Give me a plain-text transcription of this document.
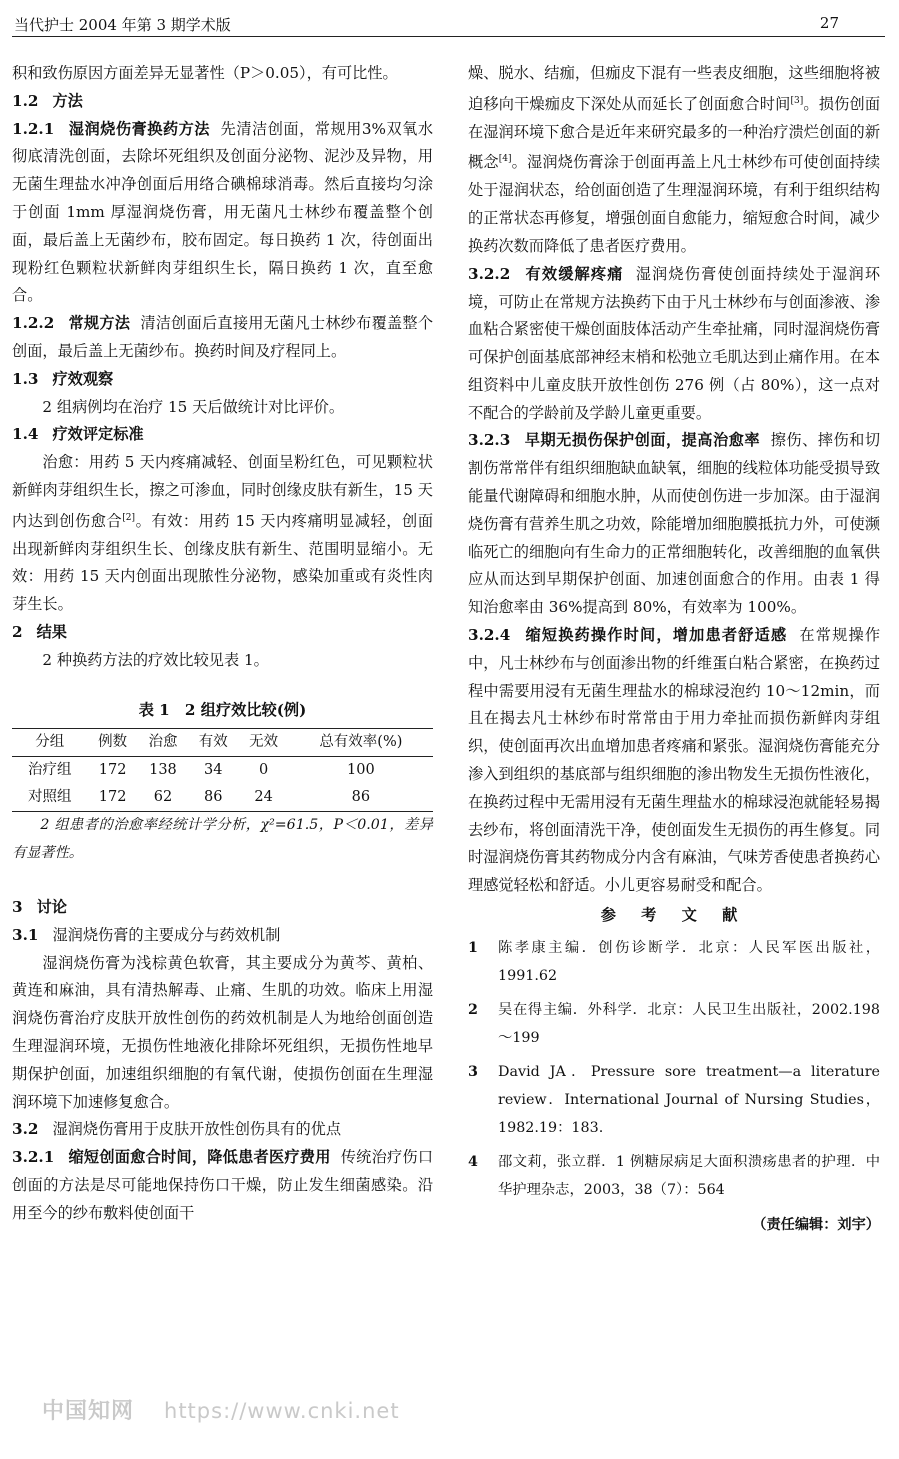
当代护士 2004 年第 3 期学术版	27

积和致伤原因方面差异无显著性（P＞0.05），有可比性。

1.2 方法

1.2.1 湿润烧伤膏换药方法 先清洁创面，常规用3%双氧水彻底清洗创面，去除坏死组织及创面分泌物、泥沙及异物，用无菌生理盐水冲净创面后用络合碘棉球消毒。然后直接均匀涂于创面 1mm 厚湿润烧伤膏，用无菌凡士林纱布覆盖整个创面，最后盖上无菌纱布，胶布固定。每日换药 1 次，待创面出现粉红色颗粒状新鲜肉芽组织生长，隔日换药 1 次，直至愈合。

1.2.2 常规方法 清洁创面后直接用无菌凡士林纱布覆盖整个创面，最后盖上无菌纱布。换药时间及疗程同上。

1.3 疗效观察

2 组病例均在治疗 15 天后做统计对比评价。

1.4 疗效评定标准

治愈：用药 5 天内疼痛减轻、创面呈粉红色，可见颗粒状新鲜肉芽组织生长，擦之可渗血，同时创缘皮肤有新生，15 天内达到创伤愈合[2]。有效：用药 15 天内疼痛明显减轻，创面出现新鲜肉芽组织生长、创缘皮肤有新生、范围明显缩小。无效：用药 15 天内创面出现脓性分泌物，感染加重或有炎性肉芽生长。

2 结果

2 种换药方法的疗效比较见表 1。

表 1　2 组疗效比较(例)
分组	例数	治愈	有效	无效	总有效率(%)
治疗组	172	138	34	0	100
对照组	172	62	86	24	86

2 组患者的治愈率经统计学分析，χ²=61.5，P＜0.01，差异有显著性。

3 讨论

3.1 湿润烧伤膏的主要成分与药效机制

湿润烧伤膏为浅棕黄色软膏，其主要成分为黄芩、黄柏、黄连和麻油，具有清热解毒、止痛、生肌的功效。临床上用湿润烧伤膏治疗皮肤开放性创伤的药效机制是人为地给创面创造生理湿润环境，无损伤性地液化排除坏死组织，无损伤性地早期保护创面，加速组织细胞的有氧代谢，使损伤创面在生理湿润环境下加速修复愈合。

3.2 湿润烧伤膏用于皮肤开放性创伤具有的优点

3.2.1 缩短创面愈合时间，降低患者医疗费用 传统治疗伤口创面的方法是尽可能地保持伤口干燥，防止发生细菌感染。沿用至今的纱布敷料使创面干

燥、脱水、结痂，但痂皮下混有一些表皮细胞，这些细胞将被迫移向干燥痂皮下深处从而延长了创面愈合时间[3]。损伤创面在湿润环境下愈合是近年来研究最多的一种治疗溃烂创面的新概念[4]。湿润烧伤膏涂于创面再盖上凡士林纱布可使创面持续处于湿润状态，给创面创造了生理湿润环境，有利于组织结构的正常状态再修复，增强创面自愈能力，缩短愈合时间，减少换药次数而降低了患者医疗费用。

3.2.2 有效缓解疼痛 湿润烧伤膏使创面持续处于湿润环境，可防止在常规方法换药下由于凡士林纱布与创面渗液、渗血粘合紧密使干燥创面肢体活动产生牵扯痛，同时湿润烧伤膏可保护创面基底部神经末梢和松弛立毛肌达到止痛作用。在本组资料中儿童皮肤开放性创伤 276 例（占 80%），这一点对不配合的学龄前及学龄儿童更重要。

3.2.3 早期无损伤保护创面，提高治愈率 擦伤、摔伤和切割伤常常伴有组织细胞缺血缺氧，细胞的线粒体功能受损导致能量代谢障碍和细胞水肿，从而使创伤进一步加深。由于湿润烧伤膏有营养生肌之功效，除能增加细胞膜抵抗力外，可使濒临死亡的细胞向有生命力的正常细胞转化，改善细胞的血氧供应从而达到早期保护创面、加速创面愈合的作用。由表 1 得知治愈率由 36%提高到 80%，有效率为 100%。

3.2.4 缩短换药操作时间，增加患者舒适感 在常规操作中，凡士林纱布与创面渗出物的纤维蛋白粘合紧密，在换药过程中需要用浸有无菌生理盐水的棉球浸泡约 10～12min，而且在揭去凡士林纱布时常常由于用力牵扯而损伤新鲜肉芽组织，使创面再次出血增加患者疼痛和紧张。湿润烧伤膏能充分渗入到组织的基底部与组织细胞的渗出物发生无损伤性液化，在换药过程中无需用浸有无菌生理盐水的棉球浸泡就能轻易揭去纱布，将创面清洗干净，使创面发生无损伤的再生修复。同时湿润烧伤膏其药物成分内含有麻油，气味芳香使患者换药心理感觉轻松和舒适。小儿更容易耐受和配合。

参 考 文 献
1	陈孝康主编．创伤诊断学．北京：人民军医出版社，1991.62
2	吴在得主编．外科学．北京：人民卫生出版社，2002.198～199
3	David JA．Pressure sore treatment—a literature review．International Journal of Nursing Studies，1982.19：183.
4	邵文莉，张立群．1 例糖尿病足大面积溃疡患者的护理．中华护理杂志，2003，38（7）：564
（责任编辑：刘宇）
中国知网 https://www.cnki.net
